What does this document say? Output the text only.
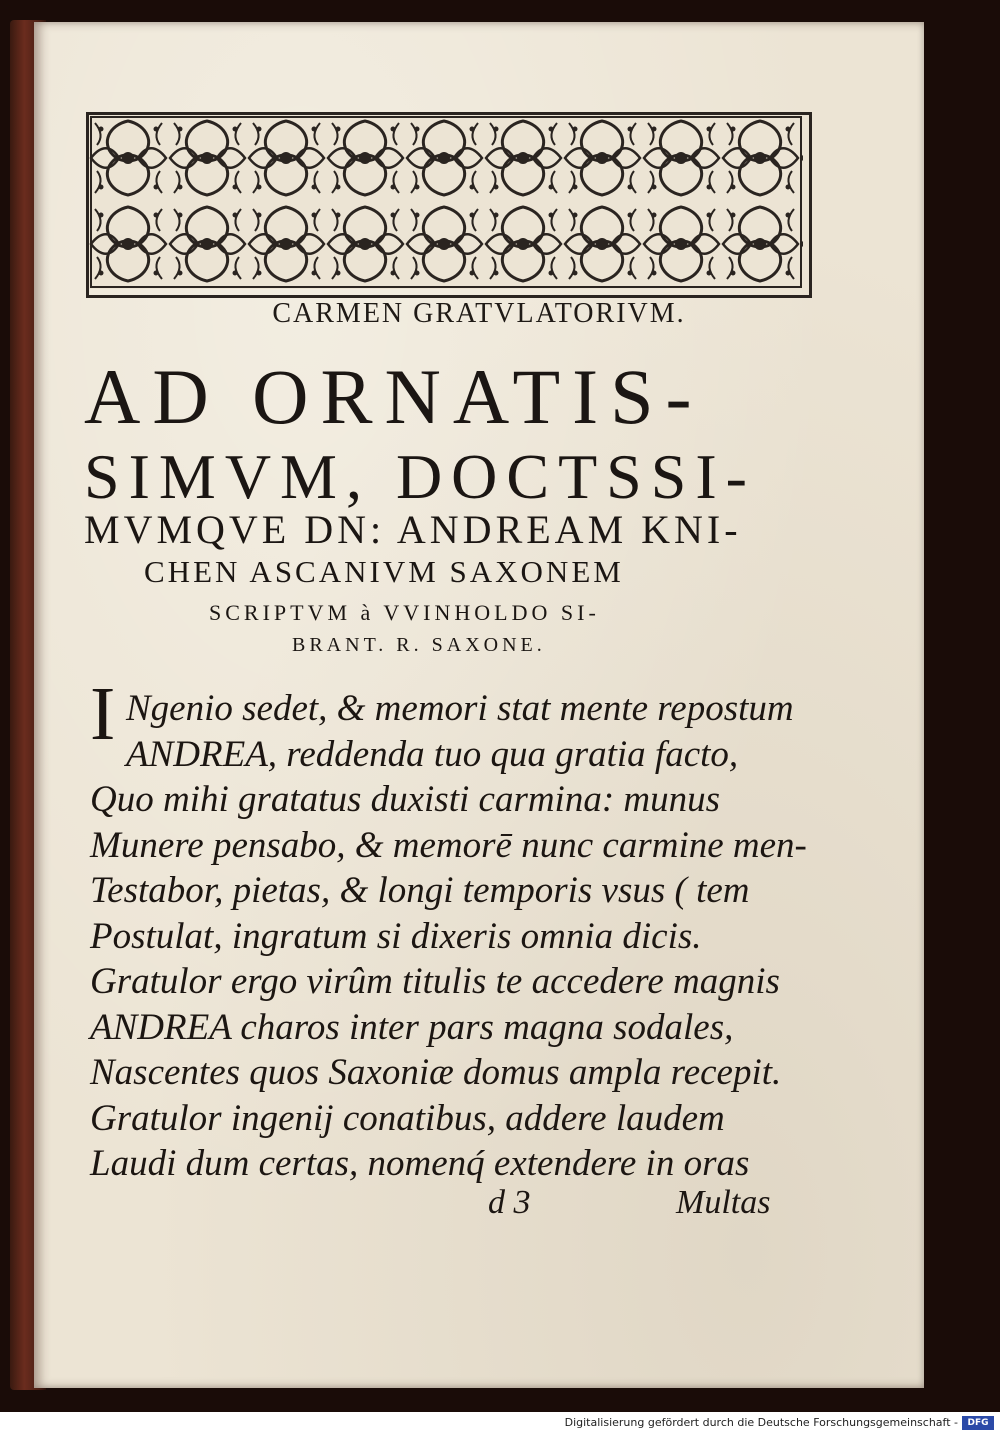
CARMEN GRATVLATORIVM.
AD ORNATIS-
SIMVM, DOCTSSI-
MVMQVE DN: ANDREAM KNI-
CHEN ASCANIVM SAXONEM
SCRIPTVM à VVINHOLDO SI-
BRANT. R. SAXONE.
I Ngenio sedet, & memori stat mente repostum
ANDREA, reddenda tuo qua gratia facto,
Quo mihi gratatus duxisti carmina: munus
Munere pensabo, & memorē nunc carmine men-
Testabor, pietas, & longi temporis vsus ( tem
Postulat, ingratum si dixeris omnia dicis.
Gratulor ergo virûm titulis te accedere magnis
ANDREA charos inter pars magna sodales,
Nascentes quos Saxoniæ domus ampla recepit.
Gratulor ingenij conatibus, addere laudem
Laudi dum certas, nomenq́ extendere in oras
d 3	Multas
Digitalisierung gefördert durch die Deutsche Forschungsgemeinschaft -	DFG
